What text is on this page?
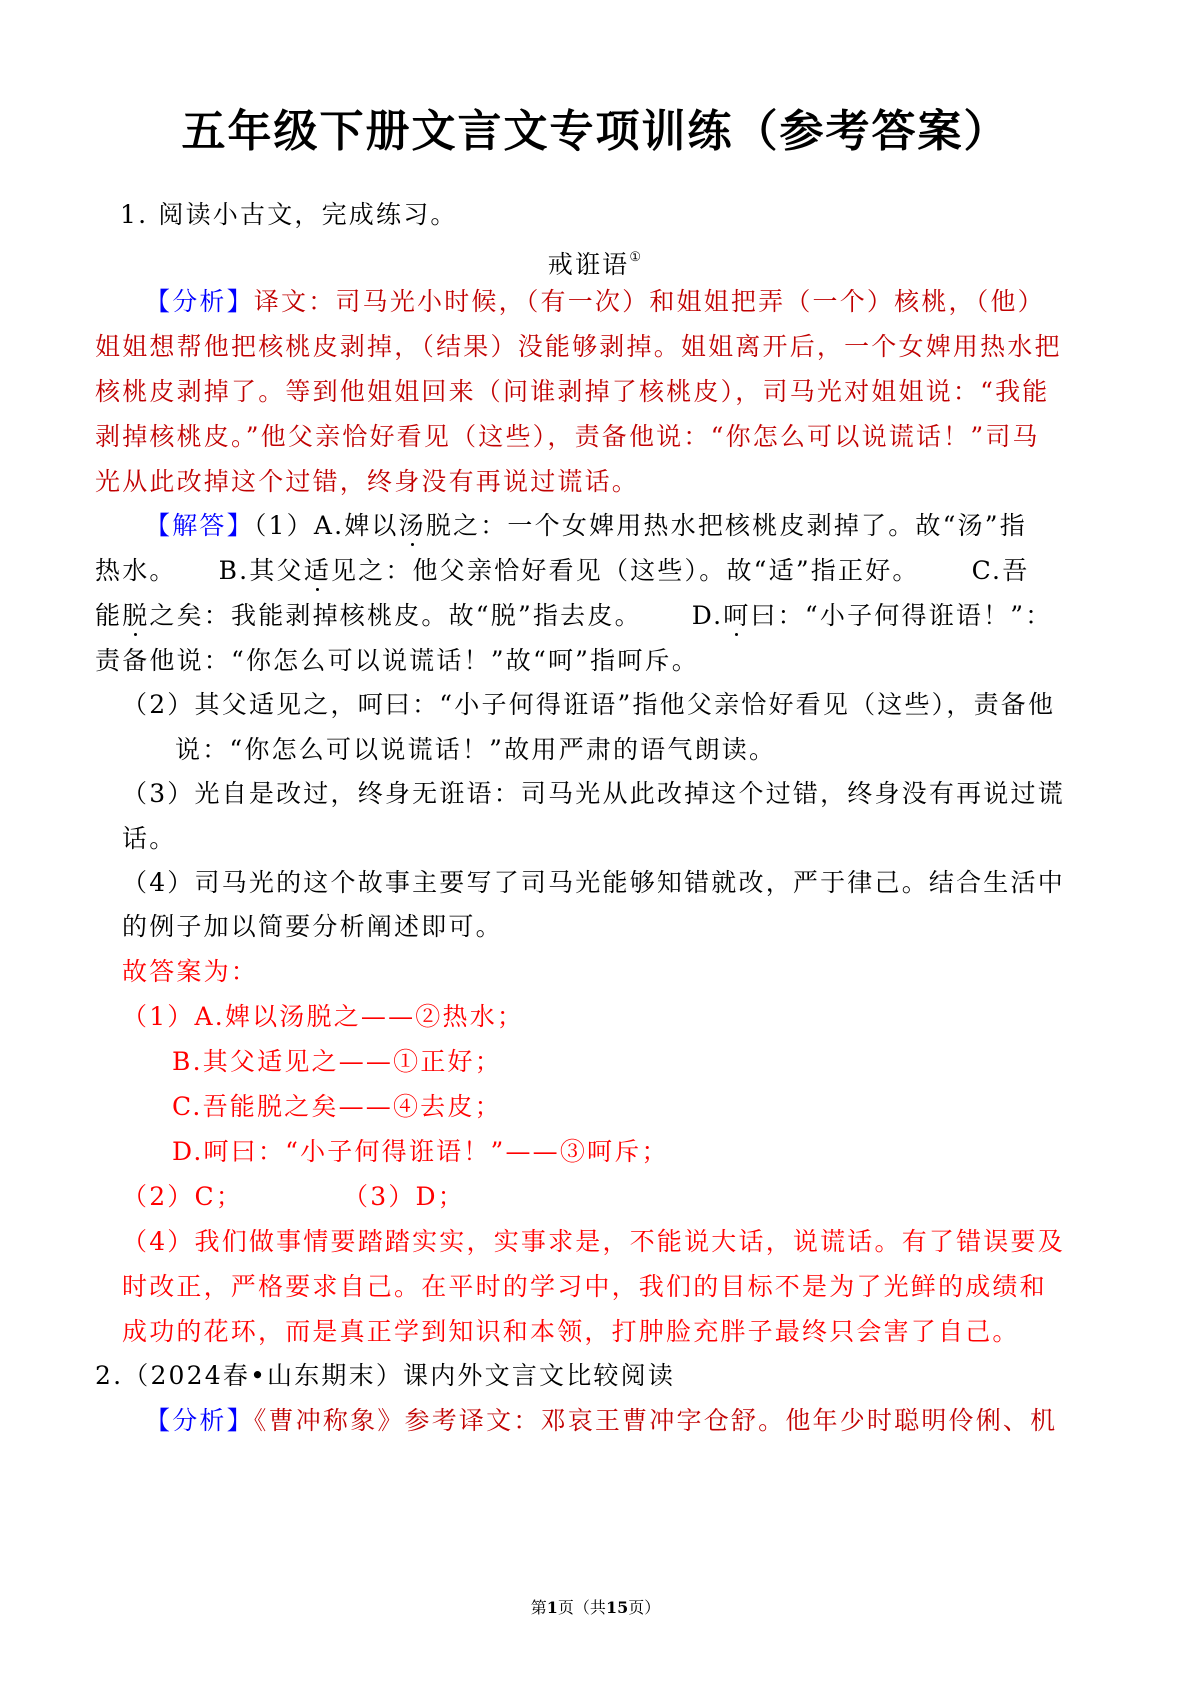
五年级下册文言文专项训练（参考答案）
1. 阅读小古文，完成练习。
戒诳语①
【分析】译文：司马光小时候，（有一次）和姐姐把弄（一个）核桃，（他）
姐姐想帮他把核桃皮剥掉，（结果）没能够剥掉。姐姐离开后，一个女婢用热水把
核桃皮剥掉了。等到他姐姐回来（问谁剥掉了核桃皮），司马光对姐姐说：“我能
剥掉核桃皮。”他父亲恰好看见（这些），责备他说：“你怎么可以说谎话！”司马
光从此改掉这个过错，终身没有再说过谎话。
【解答】（1）A.婢以汤脱之：一个女婢用热水把核桃皮剥掉了。故“汤”指
热水。 B.其父适见之：他父亲恰好看见（这些）。故“适”指正好。 C.吾
能脱之矣：我能剥掉核桃皮。故“脱”指去皮。 D.呵曰：“小子何得诳语！”：
责备他说：“你怎么可以说谎话！”故“呵”指呵斥。
（2）其父适见之，呵曰：“小子何得诳语”指他父亲恰好看见（这些），责备他
说：“你怎么可以说谎话！”故用严肃的语气朗读。
（3）光自是改过，终身无诳语：司马光从此改掉这个过错，终身没有再说过谎
话。
（4）司马光的这个故事主要写了司马光能够知错就改，严于律己。结合生活中
的例子加以简要分析阐述即可。
故答案为：
（1）A.婢以汤脱之——②热水；
B.其父适见之——①正好；
C.吾能脱之矣——④去皮；
D.呵曰：“小子何得诳语！”——③呵斥；
（2）C；	（3）D；
（4）我们做事情要踏踏实实，实事求是，不能说大话，说谎话。有了错误要及
时改正，严格要求自己。在平时的学习中，我们的目标不是为了光鲜的成绩和
成功的花环，而是真正学到知识和本领，打肿脸充胖子最终只会害了自己。
2.（2024春•山东期末）课内外文言文比较阅读
【分析】《曹冲称象》参考译文：邓哀王曹冲字仓舒。他年少时聪明伶俐、机
第1页（共15页）
